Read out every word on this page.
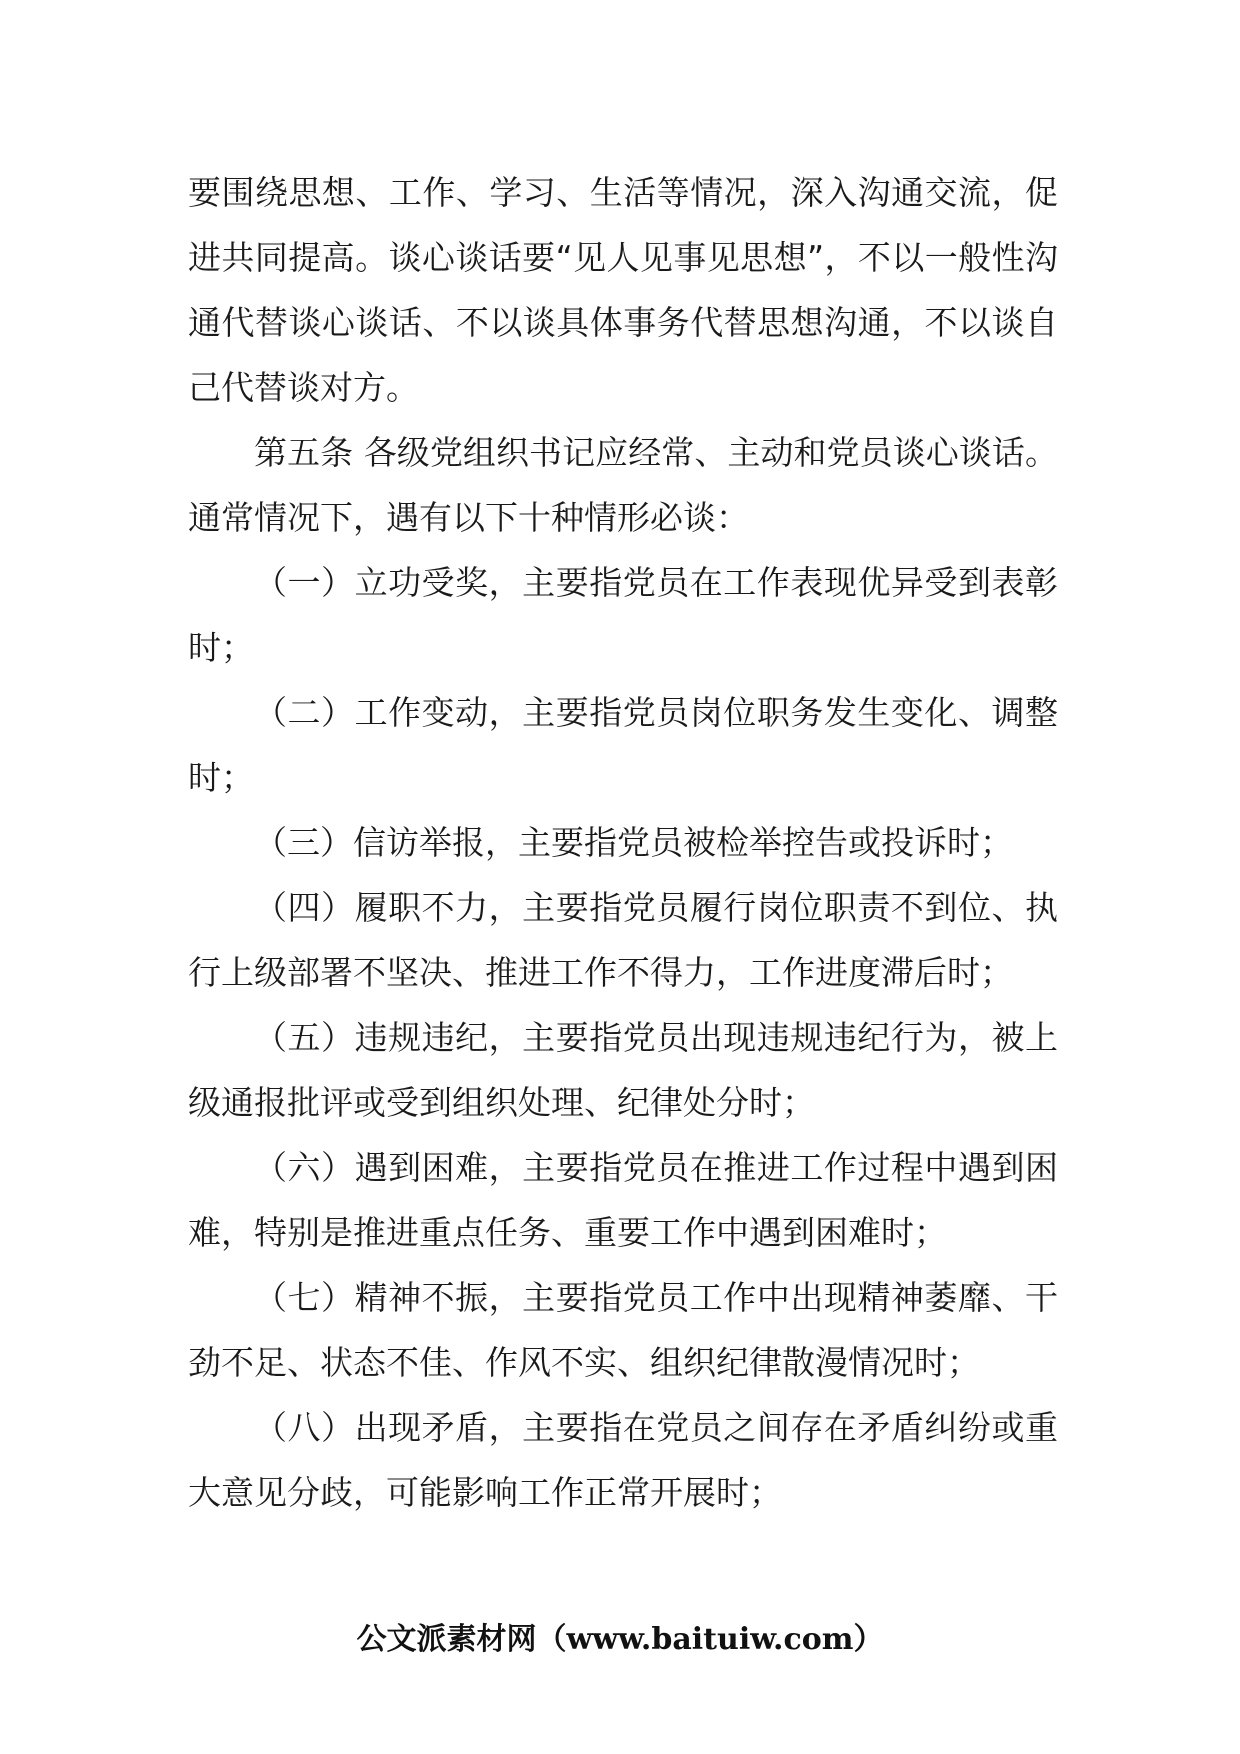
要围绕思想、工作、学习、生活等情况，深入沟通交流，促进共同提高。谈心谈话要“见人见事见思想”，不以一般性沟通代替谈心谈话、不以谈具体事务代替思想沟通，不以谈自己代替谈对方。

第五条 各级党组织书记应经常、主动和党员谈心谈话。通常情况下，遇有以下十种情形必谈：

（一）立功受奖，主要指党员在工作表现优异受到表彰时；

（二）工作变动，主要指党员岗位职务发生变化、调整时；

（三）信访举报，主要指党员被检举控告或投诉时；

（四）履职不力，主要指党员履行岗位职责不到位、执行上级部署不坚决、推进工作不得力，工作进度滞后时；

（五）违规违纪，主要指党员出现违规违纪行为，被上级通报批评或受到组织处理、纪律处分时；

（六）遇到困难，主要指党员在推进工作过程中遇到困难，特别是推进重点任务、重要工作中遇到困难时；

（七）精神不振，主要指党员工作中出现精神萎靡、干劲不足、状态不佳、作风不实、组织纪律散漫情况时；

（八）出现矛盾，主要指在党员之间存在矛盾纠纷或重大意见分歧，可能影响工作正常开展时；

公文派素材网（www.baituiw.com）
